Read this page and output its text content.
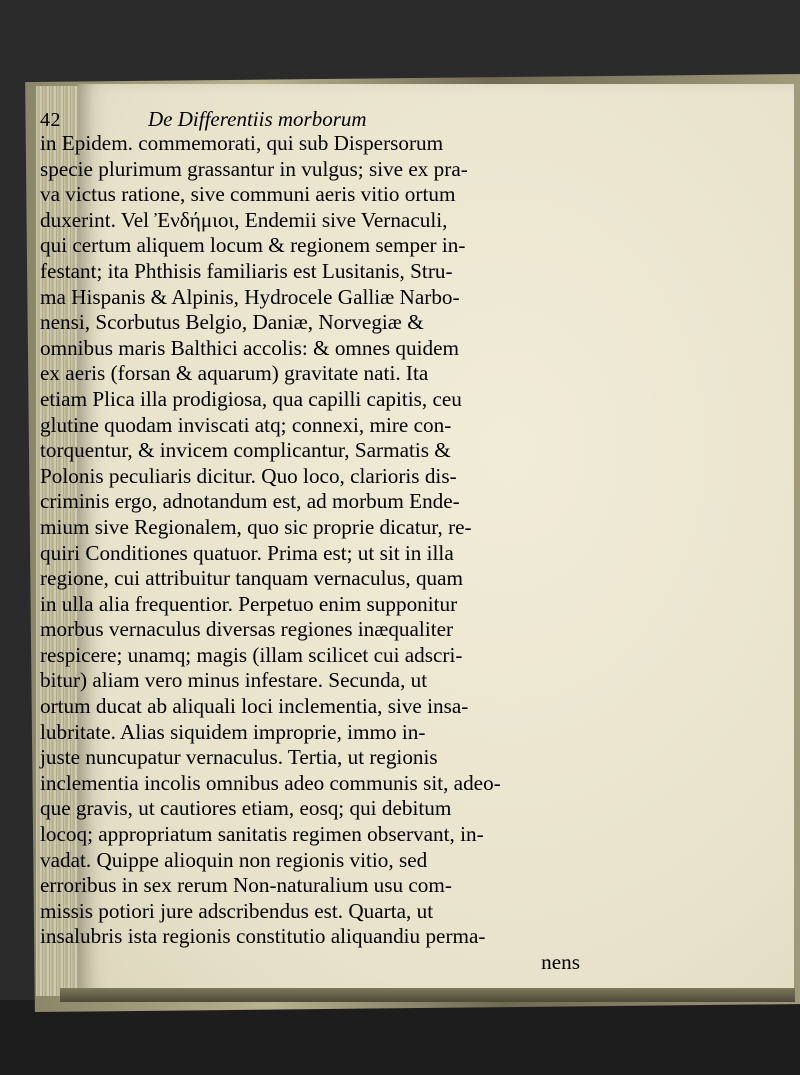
42	De Differentiis morborum
in Epidem. commemorati, qui sub Dispersorum
specie plurimum grassantur in vulgus; sive ex pra-
va victus ratione, sive communi aeris vitio ortum
duxerint. Vel Ἐνδήμιοι, Endemii sive Vernaculi,
qui certum aliquem locum & regionem semper in-
festant; ita Phthisis familiaris est Lusitanis, Stru-
ma Hispanis & Alpinis, Hydrocele Galliæ Narbo-
nensi, Scorbutus Belgio, Daniæ, Norvegiæ &
omnibus maris Balthici accolis: & omnes quidem
ex aeris (forsan & aquarum) gravitate nati. Ita
etiam Plica illa prodigiosa, qua capilli capitis, ceu
glutine quodam inviscati atq; connexi, mire con-
torquentur, & invicem complicantur, Sarmatis &
Polonis peculiaris dicitur. Quo loco, clarioris dis-
criminis ergo, adnotandum est, ad morbum Ende-
mium sive Regionalem, quo sic proprie dicatur, re-
quiri Conditiones quatuor. Prima est; ut sit in illa
regione, cui attribuitur tanquam vernaculus, quam
in ulla alia frequentior. Perpetuo enim supponitur
morbus vernaculus diversas regiones inæqualiter
respicere; unamq; magis (illam scilicet cui adscri-
bitur) aliam vero minus infestare. Secunda, ut
ortum ducat ab aliquali loci inclementia, sive insa-
lubritate. Alias siquidem improprie, immo in-
juste nuncupatur vernaculus. Tertia, ut regionis
inclementia incolis omnibus adeo communis sit, adeo-
que gravis, ut cautiores etiam, eosq; qui debitum
locoq; appropriatum sanitatis regimen observant, in-
vadat. Quippe alioquin non regionis vitio, sed
erroribus in sex rerum Non-naturalium usu com-
missis potiori jure adscribendus est. Quarta, ut
insalubris ista regionis constitutio aliquandiu perma-
nens
